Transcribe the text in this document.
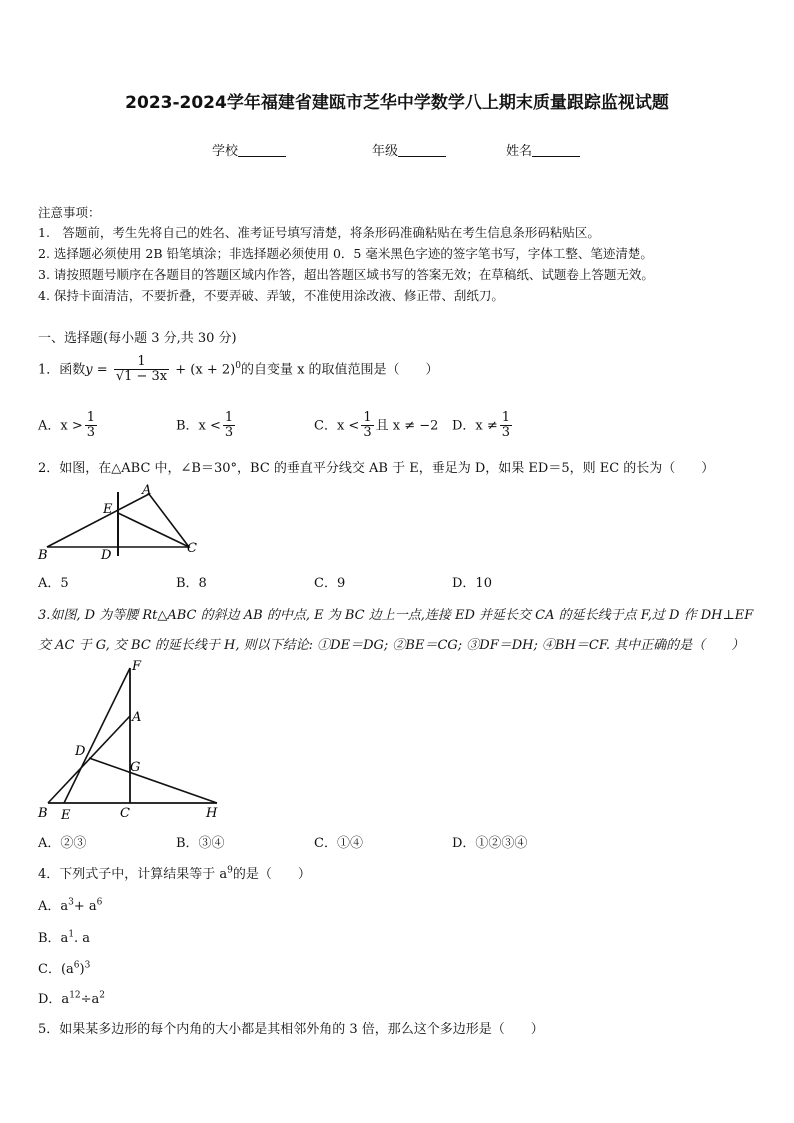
2023-2024学年福建省建瓯市芝华中学数学八上期末质量跟踪监视试题
学校	年级	姓名
注意事项：
1.　答题前，考生先将自己的姓名、准考证号填写清楚，将条形码准确粘贴在考生信息条形码粘贴区。
2. 选择题必须使用 2B 铅笔填涂；非选择题必须使用 0．5 毫米黑色字迹的签字笔书写，字体工整、笔迹清楚。
3. 请按照题号顺序在各题目的答题区域内作答，超出答题区域书写的答案无效；在草稿纸、试题卷上答题无效。
4. 保持卡面清洁，不要折叠，不要弄破、弄皱，不准使用涂改液、修正带、刮纸刀。
一、选择题(每小题 3 分,共 30 分)
1．函数$y = \frac{1}{√1 - 3x} + (x + 2)^0$的自变量 x 的取值范围是（　　）
A．$x > \frac{1}{3}$	B．$x < \frac{1}{3}$	C．$x < \frac{1}{3}$ 且 x ≠ −2 D．$x \ne \frac{1}{3}$
2．如图，在△ABC 中，∠B＝30°，BC 的垂直平分线交 AB 于 E，垂足为 D，如果 ED＝5，则 EC 的长为（　　）
A
E
B	D	C
A．5	B．8	C．9	D．10
3.如图, D 为等腰 Rt△ABC 的斜边 AB 的中点, E 为 BC 边上一点,连接 ED 并延长交 CA 的延长线于点 F,过 D 作 DH⊥EF
交 AC 于 G, 交 BC 的延长线于 H, 则以下结论: ①DE＝DG; ②BE＝CG; ③DF＝DH; ④BH＝CF. 其中正确的是（　　）
F
A
D
G
B E	C	H
A．②③	B．③④	C．①④	D．①②③④
4．下列式子中，计算结果等于 $a^9$的是（　　）
A．$a^3+ a^6$
B．$a^1$. a
C．$(a^6)^3$
D．$a^{12}\div a^2$
5．如果某多边形的每个内角的大小都是其相邻外角的 3 倍，那么这个多边形是（　　）
